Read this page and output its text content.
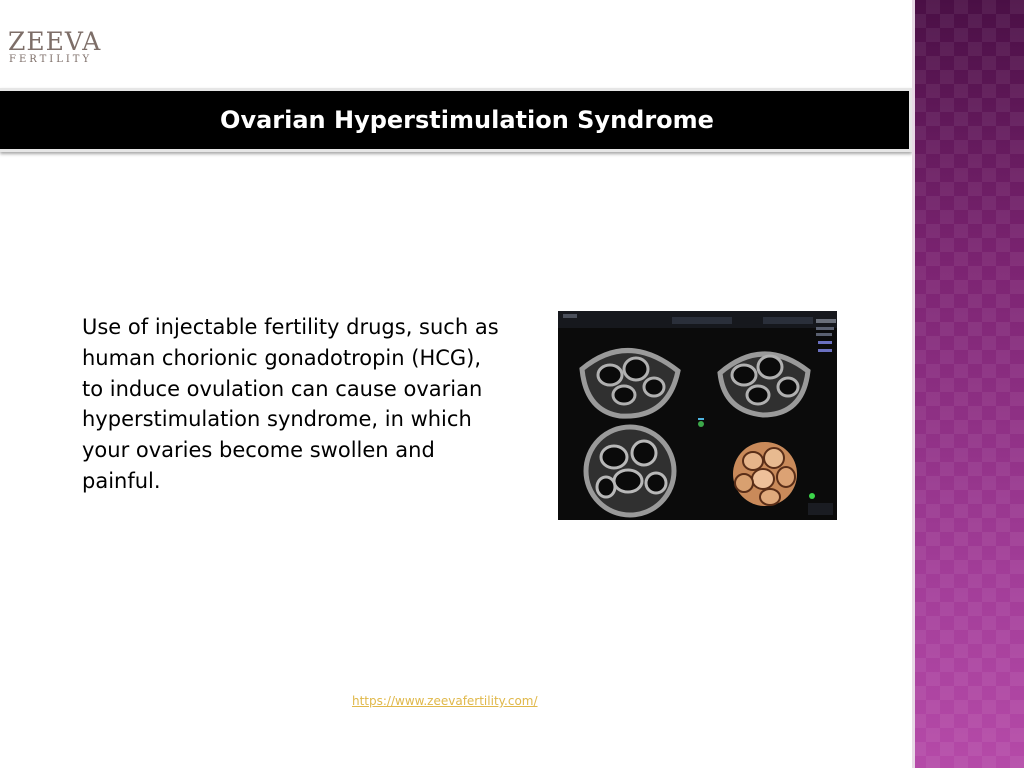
ZEEVA
FERTILITY
Ovarian Hyperstimulation Syndrome
Use of injectable fertility drugs, such as human chorionic gonadotropin (HCG), to induce ovulation can cause ovarian hyperstimulation syndrome, in which your ovaries become swollen and painful.
https://www.zeevafertility.com/
